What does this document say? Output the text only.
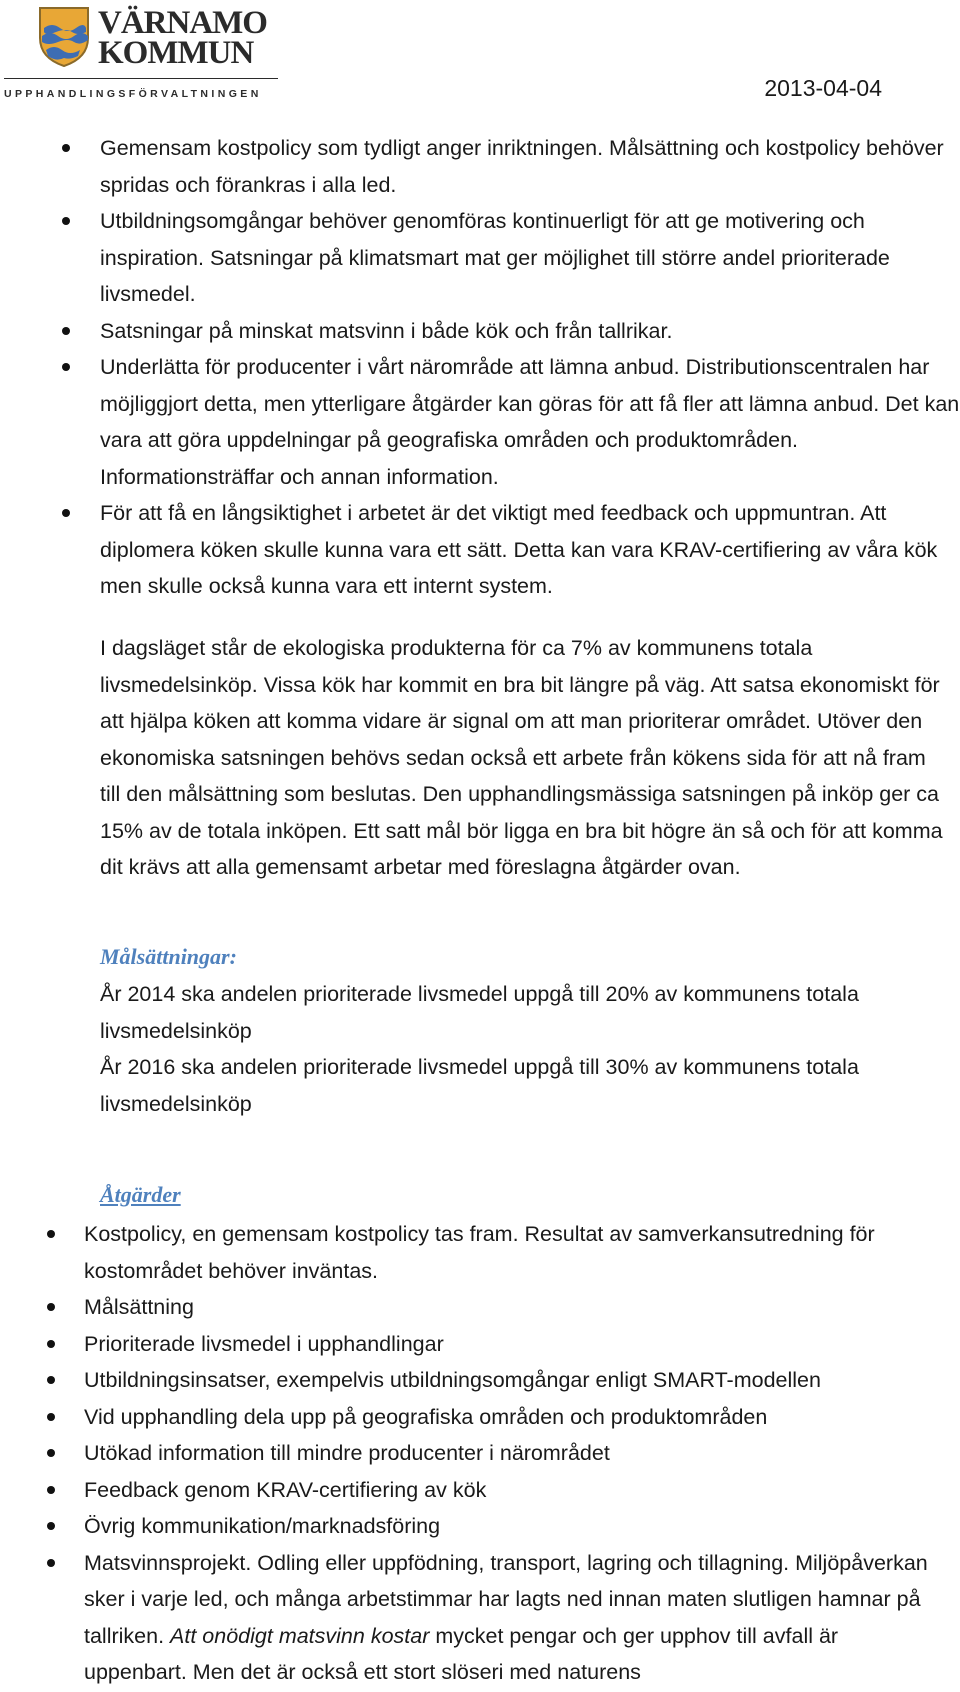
VÄRNAMO
KOMMUN
UPPHANDLINGSFÖRVALTNINGEN	2013-04-04
Gemensam kostpolicy som tydligt anger inriktningen. Målsättning och kostpolicy behöver spridas och förankras i alla led.
Utbildningsomgångar behöver genomföras kontinuerligt för att ge motivering och inspiration. Satsningar på klimatsmart mat ger möjlighet till större andel prioriterade livsmedel.
Satsningar på minskat matsvinn i både kök och från tallrikar.
Underlätta för producenter i vårt närområde att lämna anbud. Distributionscentralen har möjliggjort detta, men ytterligare åtgärder kan göras för att få fler att lämna anbud. Det kan vara att göra uppdelningar på geografiska områden och produktområden. Informationsträffar och annan information.
För att få en långsiktighet i arbetet är det viktigt med feedback och uppmuntran. Att diplomera köken skulle kunna vara ett sätt. Detta kan vara KRAV-certifiering av våra kök men skulle också kunna vara ett internt system.

I dagsläget står de ekologiska produkterna för ca 7% av kommunens totala livsmedelsinköp. Vissa kök har kommit en bra bit längre på väg. Att satsa ekonomiskt för att hjälpa köken att komma vidare är signal om att man prioriterar området. Utöver den ekonomiska satsningen behövs sedan också ett arbete från kökens sida för att nå fram till den målsättning som beslutas. Den upphandlingsmässiga satsningen på inköp ger ca 15% av de totala inköpen. Ett satt mål bör ligga en bra bit högre än så och för att komma dit krävs att alla gemensamt arbetar med föreslagna åtgärder ovan.

Målsättningar:

År 2014 ska andelen prioriterade livsmedel uppgå till 20% av kommunens totala livsmedelsinköp

År 2016 ska andelen prioriterade livsmedel uppgå till 30% av kommunens totala livsmedelsinköp

Åtgärder
Kostpolicy, en gemensam kostpolicy tas fram. Resultat av samverkansutredning för kostområdet behöver inväntas.
Målsättning
Prioriterade livsmedel i upphandlingar
Utbildningsinsatser, exempelvis utbildningsomgångar enligt SMART-modellen
Vid upphandling dela upp på geografiska områden och produktområden
Utökad information till mindre producenter i närområdet
Feedback genom KRAV-certifiering av kök
Övrig kommunikation/marknadsföring
Matsvinnsprojekt. Odling eller uppfödning, transport, lagring och tillagning. Miljöpåverkan sker i varje led, och många arbetstimmar har lagts ned innan maten slutligen hamnar på tallriken. Att onödigt matsvinn kostar mycket pengar och ger upphov till avfall är uppenbart. Men det är också ett stort slöseri med naturens
